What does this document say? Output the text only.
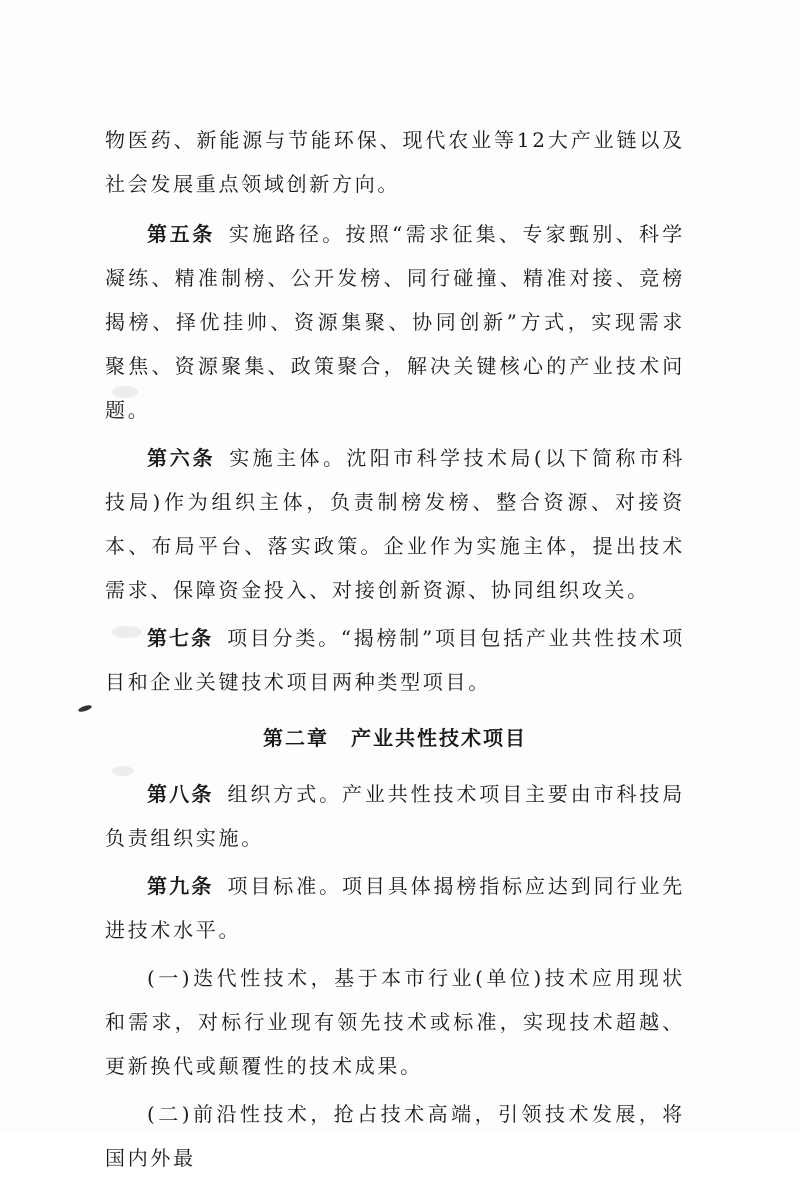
物医药、新能源与节能环保、现代农业等12大产业链以及社会发展重点领域创新方向。

第五条 实施路径。按照“需求征集、专家甄别、科学凝练、精准制榜、公开发榜、同行碰撞、精准对接、竞榜揭榜、择优挂帅、资源集聚、协同创新”方式，实现需求聚焦、资源聚集、政策聚合，解决关键核心的产业技术问题。

第六条 实施主体。沈阳市科学技术局(以下简称市科技局)作为组织主体，负责制榜发榜、整合资源、对接资本、布局平台、落实政策。企业作为实施主体，提出技术需求、保障资金投入、对接创新资源、协同组织攻关。

第七条 项目分类。“揭榜制”项目包括产业共性技术项目和企业关键技术项目两种类型项目。

第二章 产业共性技术项目

第八条 组织方式。产业共性技术项目主要由市科技局负责组织实施。

第九条 项目标准。项目具体揭榜指标应达到同行业先进技术水平。

(一)迭代性技术，基于本市行业(单位)技术应用现状和需求，对标行业现有领先技术或标准，实现技术超越、更新换代或颠覆性的技术成果。

(二)前沿性技术，抢占技术高端，引领技术发展，将国内外最
